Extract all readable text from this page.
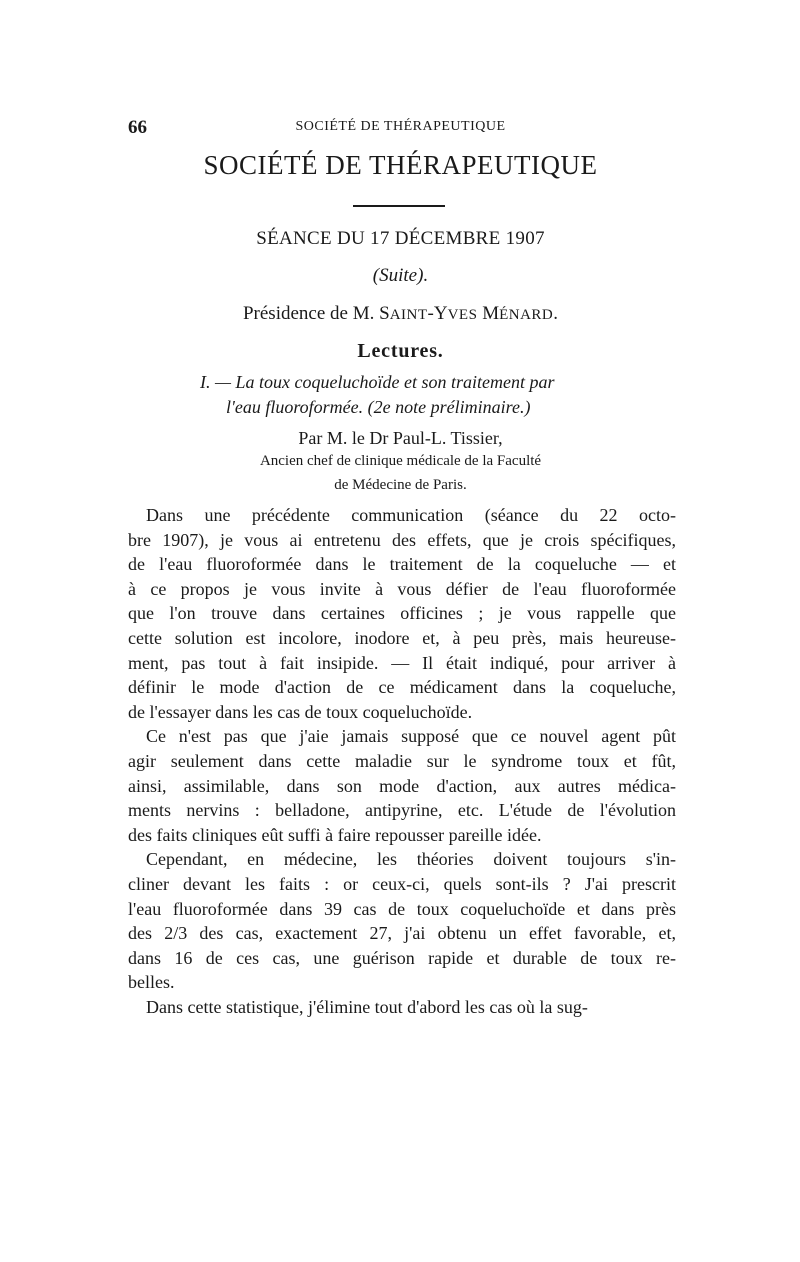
66	SOCIÉTÉ DE THÉRAPEUTIQUE
SOCIÉTÉ DE THÉRAPEUTIQUE
SÉANCE DU 17 DÉCEMBRE 1907
(Suite).
Présidence de M. SAINT-YVES MÉNARD.
Lectures.
I. — La toux coqueluchoïde et son traitement par
l'eau fluoroformée. (2e note préliminaire.)
Par M. le Dr Paul-L. Tissier,
Ancien chef de clinique médicale de la Faculté
de Médecine de Paris.
Dans une précédente communication (séance du 22 octo-
bre 1907), je vous ai entretenu des effets, que je crois spécifiques,
de l'eau fluoroformée dans le traitement de la coqueluche — et
à ce propos je vous invite à vous défier de l'eau fluoroformée
que l'on trouve dans certaines officines ; je vous rappelle que
cette solution est incolore, inodore et, à peu près, mais heureuse-
ment, pas tout à fait insipide. — Il était indiqué, pour arriver à
définir le mode d'action de ce médicament dans la coqueluche,
de l'essayer dans les cas de toux coqueluchoïde.
Ce n'est pas que j'aie jamais supposé que ce nouvel agent pût
agir seulement dans cette maladie sur le syndrome toux et fût,
ainsi, assimilable, dans son mode d'action, aux autres médica-
ments nervins : belladone, antipyrine, etc. L'étude de l'évolution
des faits cliniques eût suffi à faire repousser pareille idée.
Cependant, en médecine, les théories doivent toujours s'in-
cliner devant les faits : or ceux-ci, quels sont-ils ? J'ai prescrit
l'eau fluoroformée dans 39 cas de toux coqueluchoïde et dans près
des 2/3 des cas, exactement 27, j'ai obtenu un effet favorable, et,
dans 16 de ces cas, une guérison rapide et durable de toux re-
belles.
Dans cette statistique, j'élimine tout d'abord les cas où la sug-
